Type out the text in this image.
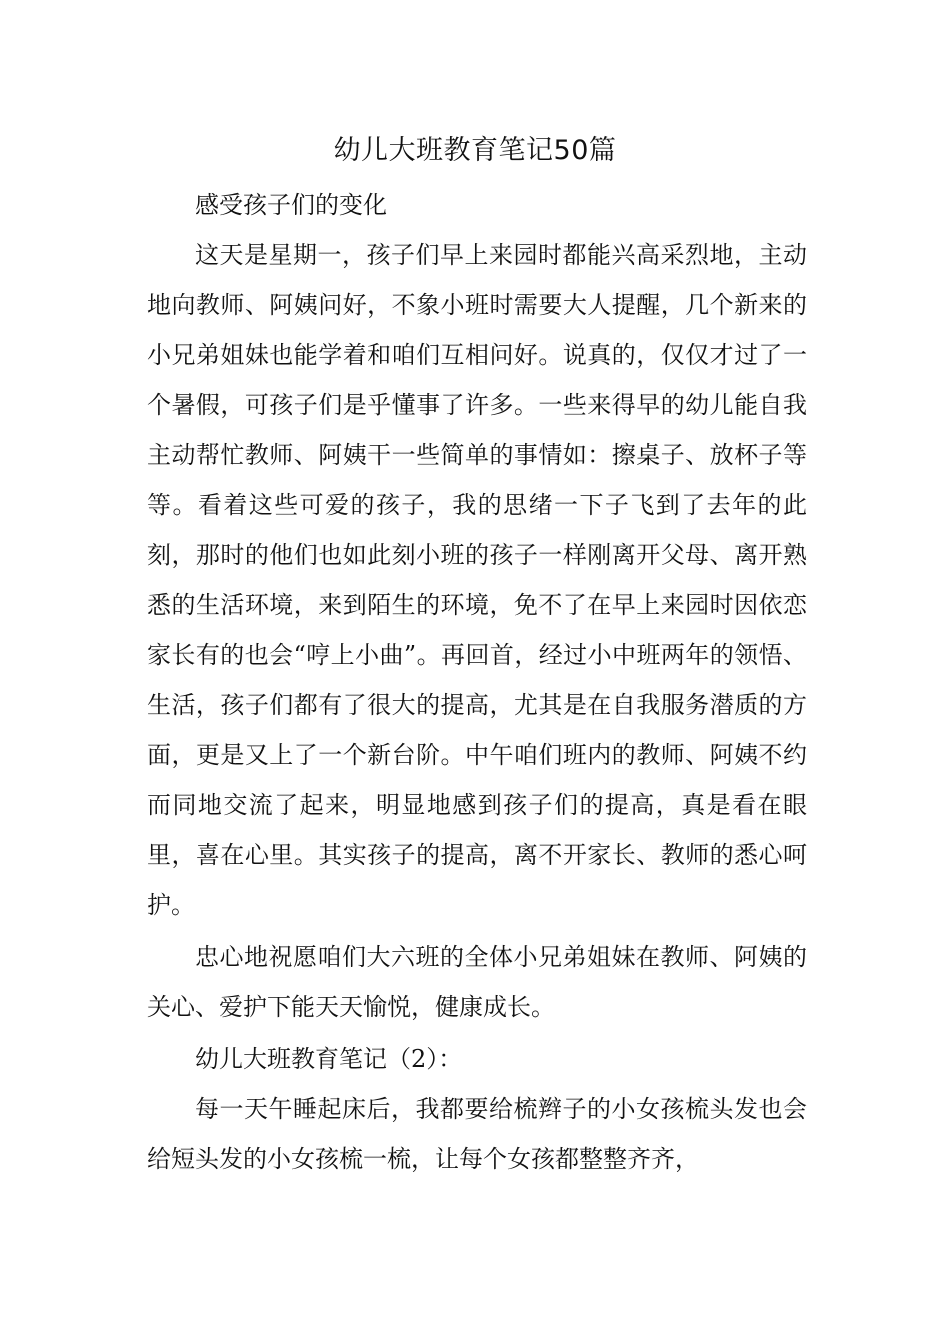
幼儿大班教育笔记50篇

感受孩子们的变化

这天是星期一，孩子们早上来园时都能兴高采烈地，主动地向教师、阿姨问好，不象小班时需要大人提醒，几个新来的小兄弟姐妹也能学着和咱们互相问好。说真的，仅仅才过了一个暑假，可孩子们是乎懂事了许多。一些来得早的幼儿能自我主动帮忙教师、阿姨干一些简单的事情如：擦桌子、放杯子等等。看着这些可爱的孩子，我的思绪一下子飞到了去年的此刻，那时的他们也如此刻小班的孩子一样刚离开父母、离开熟悉的生活环境，来到陌生的环境，免不了在早上来园时因依恋家长有的也会“哼上小曲”。再回首，经过小中班两年的领悟、生活，孩子们都有了很大的提高，尤其是在自我服务潜质的方面，更是又上了一个新台阶。中午咱们班内的教师、阿姨不约而同地交流了起来，明显地感到孩子们的提高，真是看在眼里，喜在心里。其实孩子的提高，离不开家长、教师的悉心呵护。

忠心地祝愿咱们大六班的全体小兄弟姐妹在教师、阿姨的关心、爱护下能天天愉悦，健康成长。

幼儿大班教育笔记（2）：

每一天午睡起床后，我都要给梳辫子的小女孩梳头发也会给短头发的小女孩梳一梳，让每个女孩都整整齐齐，
